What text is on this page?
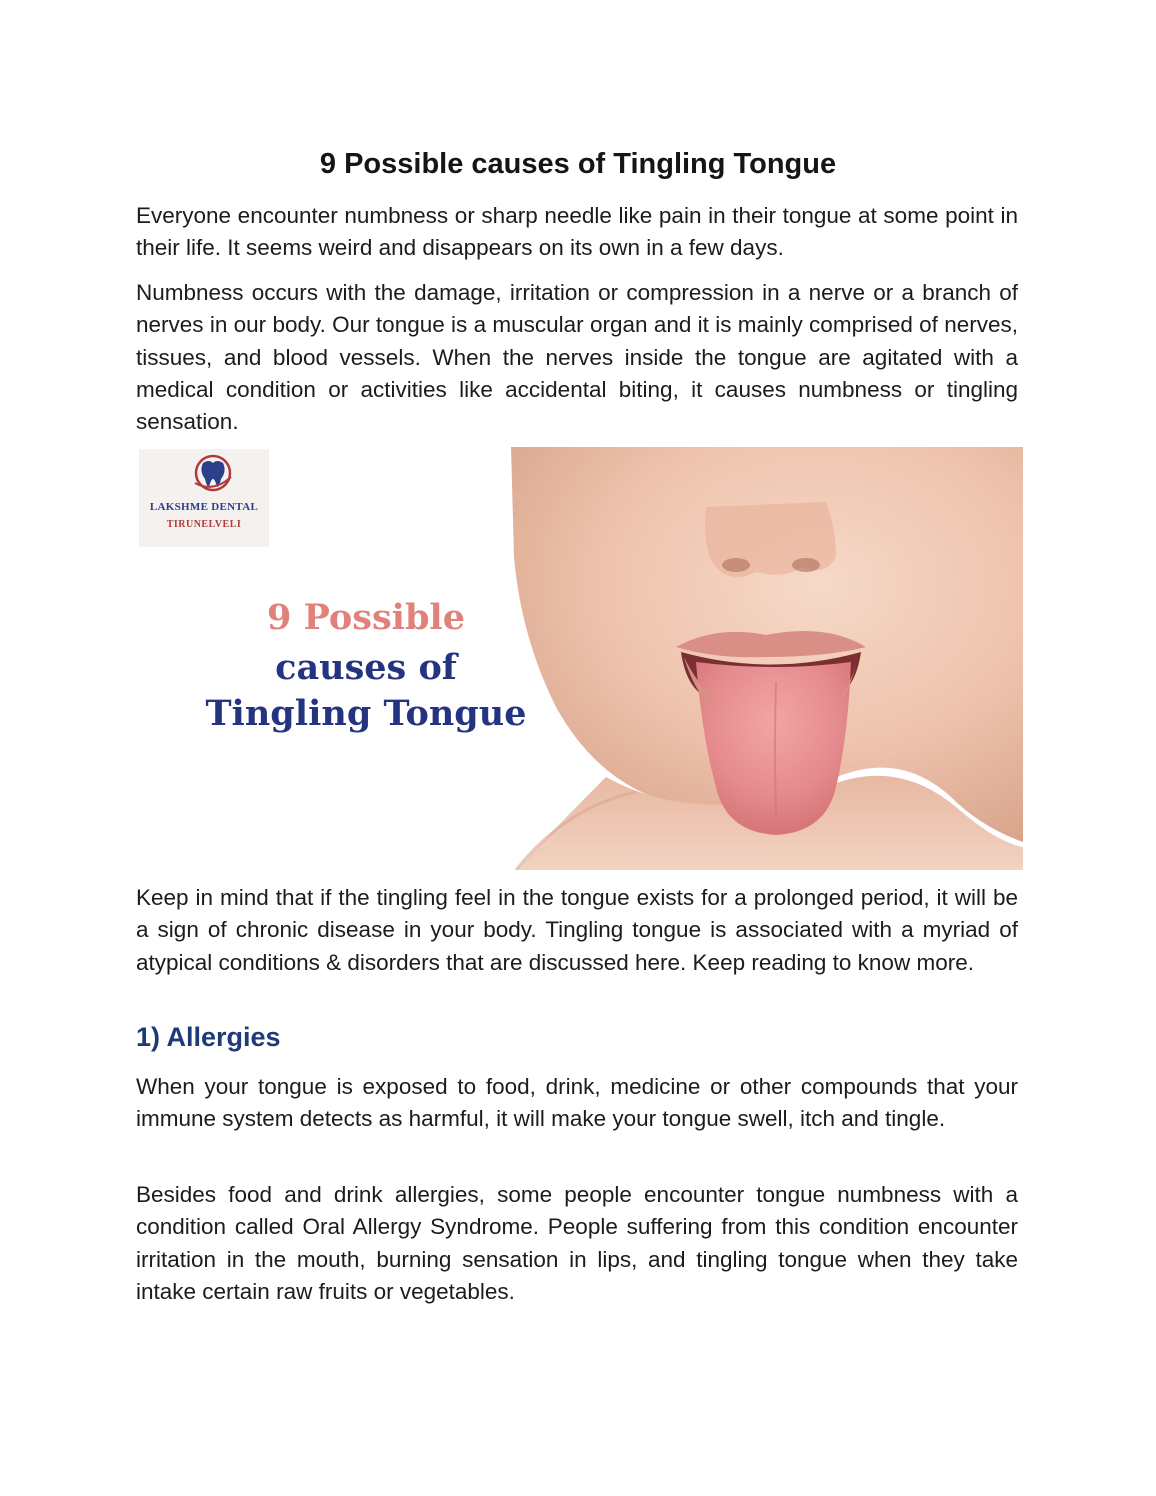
9 Possible causes of Tingling Tongue

Everyone encounter numbness or sharp needle like pain in their tongue at some point in their life. It seems weird and disappears on its own in a few days.

Numbness occurs with the damage, irritation or compression in a nerve or a branch of nerves in our body. Our tongue is a muscular organ and it is mainly comprised of nerves, tissues, and blood vessels. When the nerves inside the tongue are agitated with a medical condition or activities like accidental biting, it causes numbness or tingling sensation.

LAKSHME DENTAL
TIRUNELVELI

9 Possible

causes of

Tingling Tongue

Keep in mind that if the tingling feel in the tongue exists for a prolonged period, it will be a sign of chronic disease in your body. Tingling tongue is associated with a myriad of atypical conditions & disorders that are discussed here. Keep reading to know more.

1) Allergies

When your tongue is exposed to food, drink, medicine or other compounds that your immune system detects as harmful, it will make your tongue swell, itch and tingle.

Besides food and drink allergies, some people encounter tongue numbness with a condition called Oral Allergy Syndrome. People suffering from this condition encounter irritation in the mouth, burning sensation in lips, and tingling tongue when they take intake certain raw fruits or vegetables.
